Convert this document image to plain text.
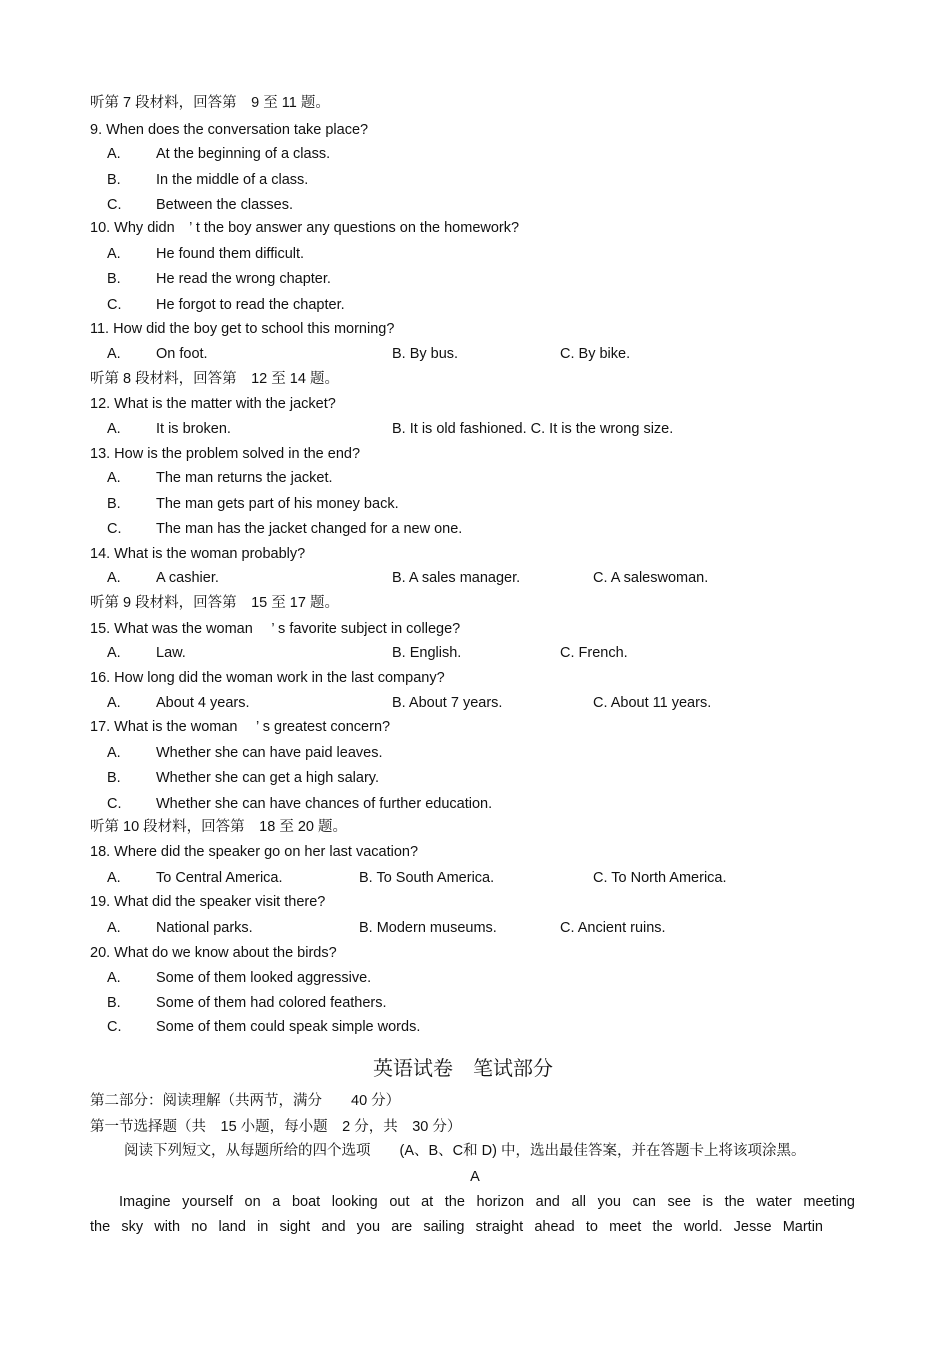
听第 7 段材料，回答第　9 至 11 题。
9. When does the conversation take place?
A. At the beginning of a class.
B. In the middle of a class.
C. Between the classes.
10. Why didn　’ t the boy answer any questions on the homework?
A. He found them difficult.
B. He read the wrong chapter.
C. He forgot to read the chapter.
11. How did the boy get to school this morning?
A. On foot.	B. By bus.	C. By bike.
听第 8 段材料，回答第　12 至 14 题。
12. What is the matter with the jacket?
A. It is broken.	B. It is old fashioned. C. It is the wrong size.
13. How is the problem solved in the end?
A. The man returns the jacket.
B. The man gets part of his money back.
C. The man has the jacket changed for a new one.
14. What is the woman probably?
A. A cashier.	B. A sales manager.	C. A saleswoman.
听第 9 段材料，回答第　15 至 17 题。
15. What was the woman　 ’ s favorite subject in college?
A. Law.	B. English.	C. French.
16. How long did the woman work in the last company?
A. About 4 years.	B. About 7 years.	C. About 11 years.
17. What is the woman　 ’ s greatest concern?
A. Whether she can have paid leaves.
B. Whether she can get a high salary.
C. Whether she can have chances of further education.
听第 10 段材料，回答第　18 至 20 题。
18. Where did the speaker go on her last vacation?
A. To Central America.	B. To South America.	C. To North America.
19. What did the speaker visit there?
A. National parks.	B. Modern museums.	C. Ancient ruins.
20. What do we know about the birds?
A. Some of them looked aggressive.
B. Some of them had colored feathers.
C. Some of them could speak simple words.
英语试卷　笔试部分
第二部分：阅读理解（共两节，满分　　40 分）
第一节选择题（共　15 小题，每小题　2 分，共　30 分）
阅读下列短文，从每题所给的四个选项　　(A、B、C和 D) 中，选出最佳答案，并在答题卡上将该项涂黑。
A
Imagine yourself on a boat looking out at the horizon and all you can see is the water meeting
the sky with no land in sight and you are sailing straight ahead to meet the world. Jesse Martin
